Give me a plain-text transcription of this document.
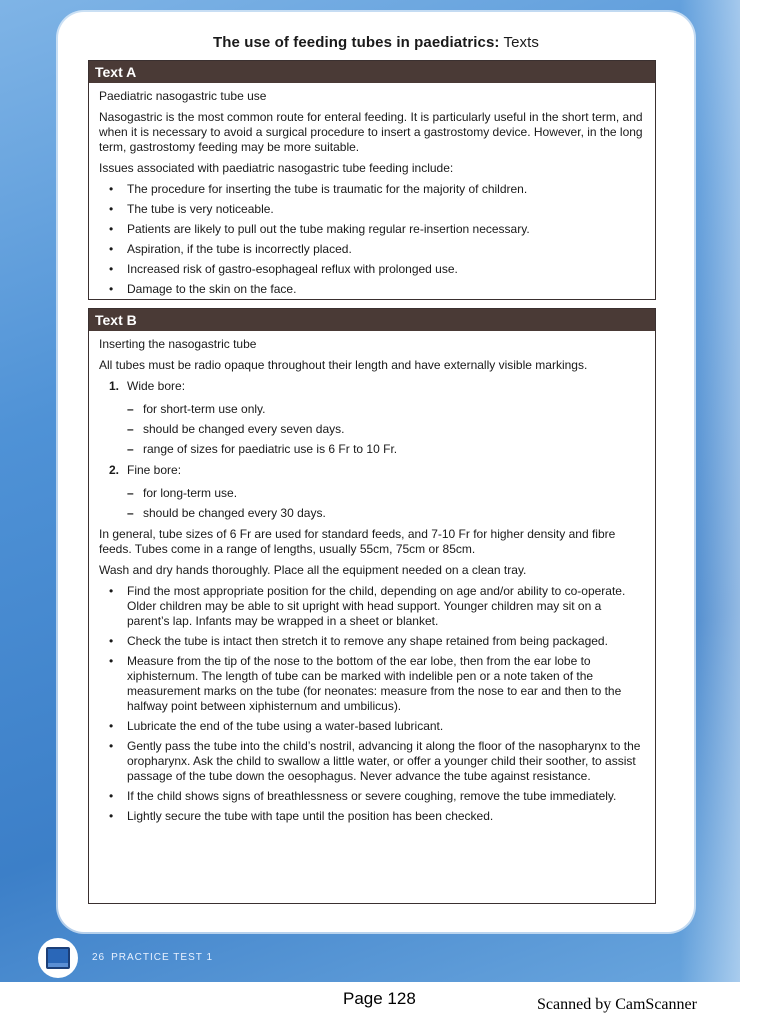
The use of feeding tubes in paediatrics: Texts
Text A

Paediatric nasogastric tube use

Nasogastric is the most common route for enteral feeding. It is particularly useful in the short term, and when it is necessary to avoid a surgical procedure to insert a gastrostomy device. However, in the long term, gastrostomy feeding may be more suitable.

Issues associated with paediatric nasogastric tube feeding include:

• The procedure for inserting the tube is traumatic for the majority of children.
• The tube is very noticeable.
• Patients are likely to pull out the tube making regular re-insertion necessary.
• Aspiration, if the tube is incorrectly placed.
• Increased risk of gastro-esophageal reflux with prolonged use.
• Damage to the skin on the face.
Text B

Inserting the nasogastric tube

All tubes must be radio opaque throughout their length and have externally visible markings.

1. Wide bore:
– for short-term use only.
– should be changed every seven days.
– range of sizes for paediatric use is 6 Fr to 10 Fr.
2. Fine bore:
– for long-term use.
– should be changed every 30 days.

In general, tube sizes of 6 Fr are used for standard feeds, and 7-10 Fr for higher density and fibre feeds. Tubes come in a range of lengths, usually 55cm, 75cm or 85cm.

Wash and dry hands thoroughly. Place all the equipment needed on a clean tray.

• Find the most appropriate position for the child, depending on age and/or ability to co-operate. Older children may be able to sit upright with head support. Younger children may sit on a parent’s lap. Infants may be wrapped in a sheet or blanket.
• Check the tube is intact then stretch it to remove any shape retained from being packaged.
• Measure from the tip of the nose to the bottom of the ear lobe, then from the ear lobe to xiphisternum. The length of tube can be marked with indelible pen or a note taken of the measurement marks on the tube (for neonates: measure from the nose to ear and then to the halfway point between xiphisternum and umbilicus).
• Lubricate the end of the tube using a water-based lubricant.
• Gently pass the tube into the child’s nostril, advancing it along the floor of the nasopharynx to the oropharynx. Ask the child to swallow a little water, or offer a younger child their soother, to assist passage of the tube down the oesophagus. Never advance the tube against resistance.
• If the child shows signs of breathlessness or severe coughing, remove the tube immediately.
• Lightly secure the tube with tape until the position has been checked.
26 PRACTICE TEST 1
Page 128	Scanned by CamScanner
